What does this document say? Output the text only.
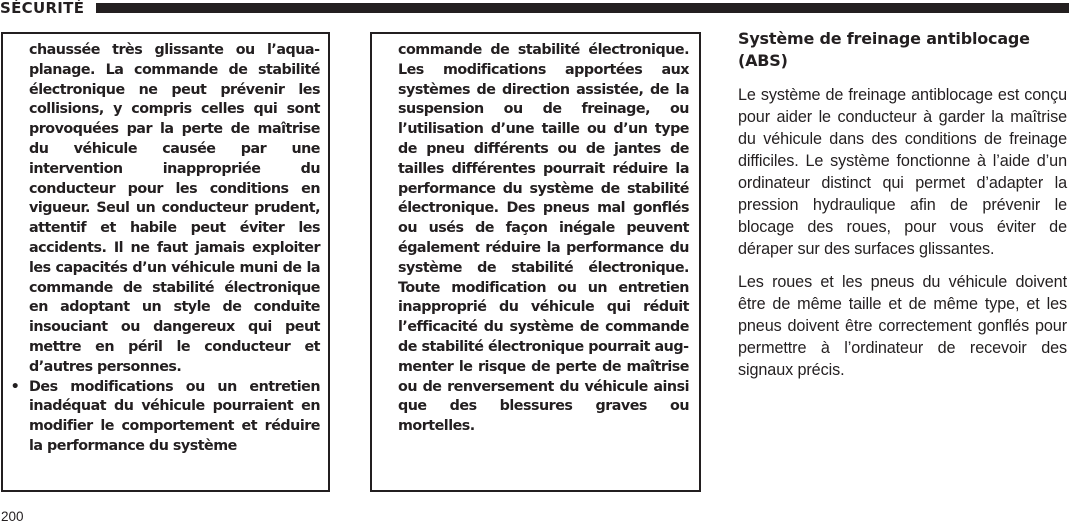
SÉCURITÉ

chaussée très glissante ou l’aquaplanage. La commande de stabilité électronique ne peut prévenir les collisions, y compris celles qui sont provoquées par la perte de maîtrise du véhicule causée par une intervention inappropriée du conducteur pour les conditions en vigueur. Seul un conducteur prudent, attentif et habile peut éviter les accidents. Il ne faut jamais exploiter les capacités d’un véhicule muni de la commande de stabilité électronique en adoptant un style de conduite insouciant ou dangereux qui peut mettre en péril le conducteur et d’autres personnes.

• Des modifications ou un entretien inadéquat du véhicule pourraient en modifier le comportement et réduire la performance du système

commande de stabilité électronique. Les modifications apportées aux systèmes de direction assistée, de la suspension ou de freinage, ou l’utilisation d’une taille ou d’un type de pneu différents ou de jantes de tailles différentes pourrait réduire la performance du système de stabilité électronique. Des pneus mal gonflés ou usés de façon inégale peuvent également réduire la performance du système de stabilité électronique. Toute modification ou un entretien inapproprié du véhicule qui réduit l’efficacité du système de commande de stabilité électronique pourrait augmenter le risque de perte de maîtrise ou de renversement du véhicule ainsi que des blessures graves ou mortelles.

Système de freinage antiblocage (ABS)

Le système de freinage antiblocage est conçu pour aider le conducteur à garder la maîtrise du véhicule dans des conditions de freinage difficiles. Le système fonctionne à l’aide d’un ordinateur distinct qui permet d’adapter la pression hydraulique afin de prévenir le blocage des roues, pour vous éviter de déraper sur des surfaces glissantes.

Les roues et les pneus du véhicule doivent être de même taille et de même type, et les pneus doivent être correctement gonflés pour permettre à l’ordinateur de recevoir des signaux précis.

200
